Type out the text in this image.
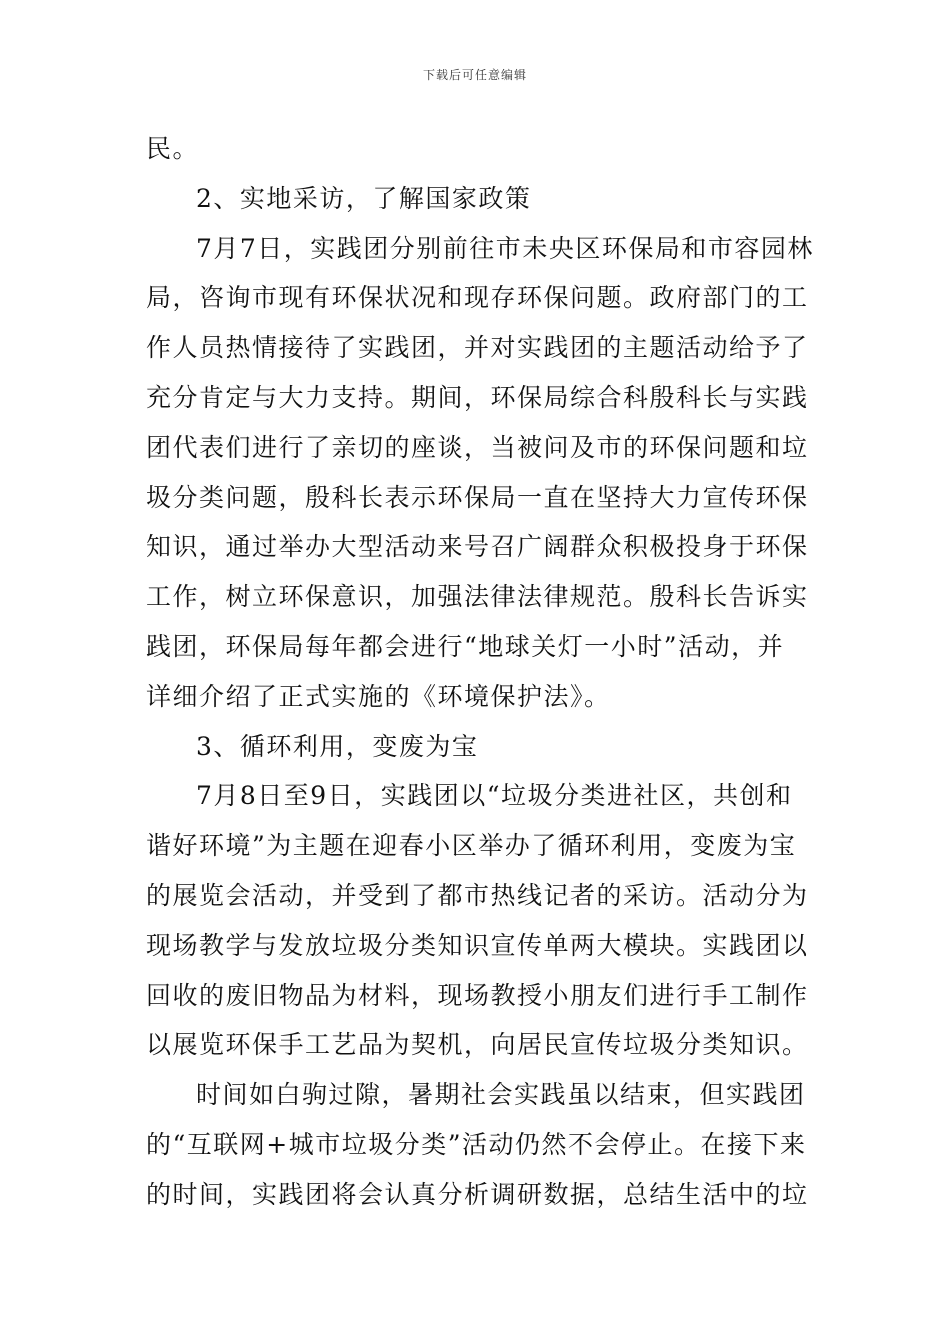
下载后可任意编辑
民。
2、实地采访，了解国家政策
7月7日，实践团分别前往市未央区环保局和市容园林
局，咨询市现有环保状况和现存环保问题。政府部门的工
作人员热情接待了实践团，并对实践团的主题活动给予了
充分肯定与大力支持。期间，环保局综合科殷科长与实践
团代表们进行了亲切的座谈，当被问及市的环保问题和垃
圾分类问题，殷科长表示环保局一直在坚持大力宣传环保
知识，通过举办大型活动来号召广阔群众积极投身于环保
工作，树立环保意识，加强法律法律规范。殷科长告诉实
践团，环保局每年都会进行“地球关灯一小时”活动，并
详细介绍了正式实施的《环境保护法》。
3、循环利用，变废为宝
7月8日至9日，实践团以“垃圾分类进社区，共创和
谐好环境”为主题在迎春小区举办了循环利用，变废为宝
的展览会活动，并受到了都市热线记者的采访。活动分为
现场教学与发放垃圾分类知识宣传单两大模块。实践团以
回收的废旧物品为材料，现场教授小朋友们进行手工制作
以展览环保手工艺品为契机，向居民宣传垃圾分类知识。
时间如白驹过隙，暑期社会实践虽以结束，但实践团
的“互联网+城市垃圾分类”活动仍然不会停止。在接下来
的时间，实践团将会认真分析调研数据，总结生活中的垃
